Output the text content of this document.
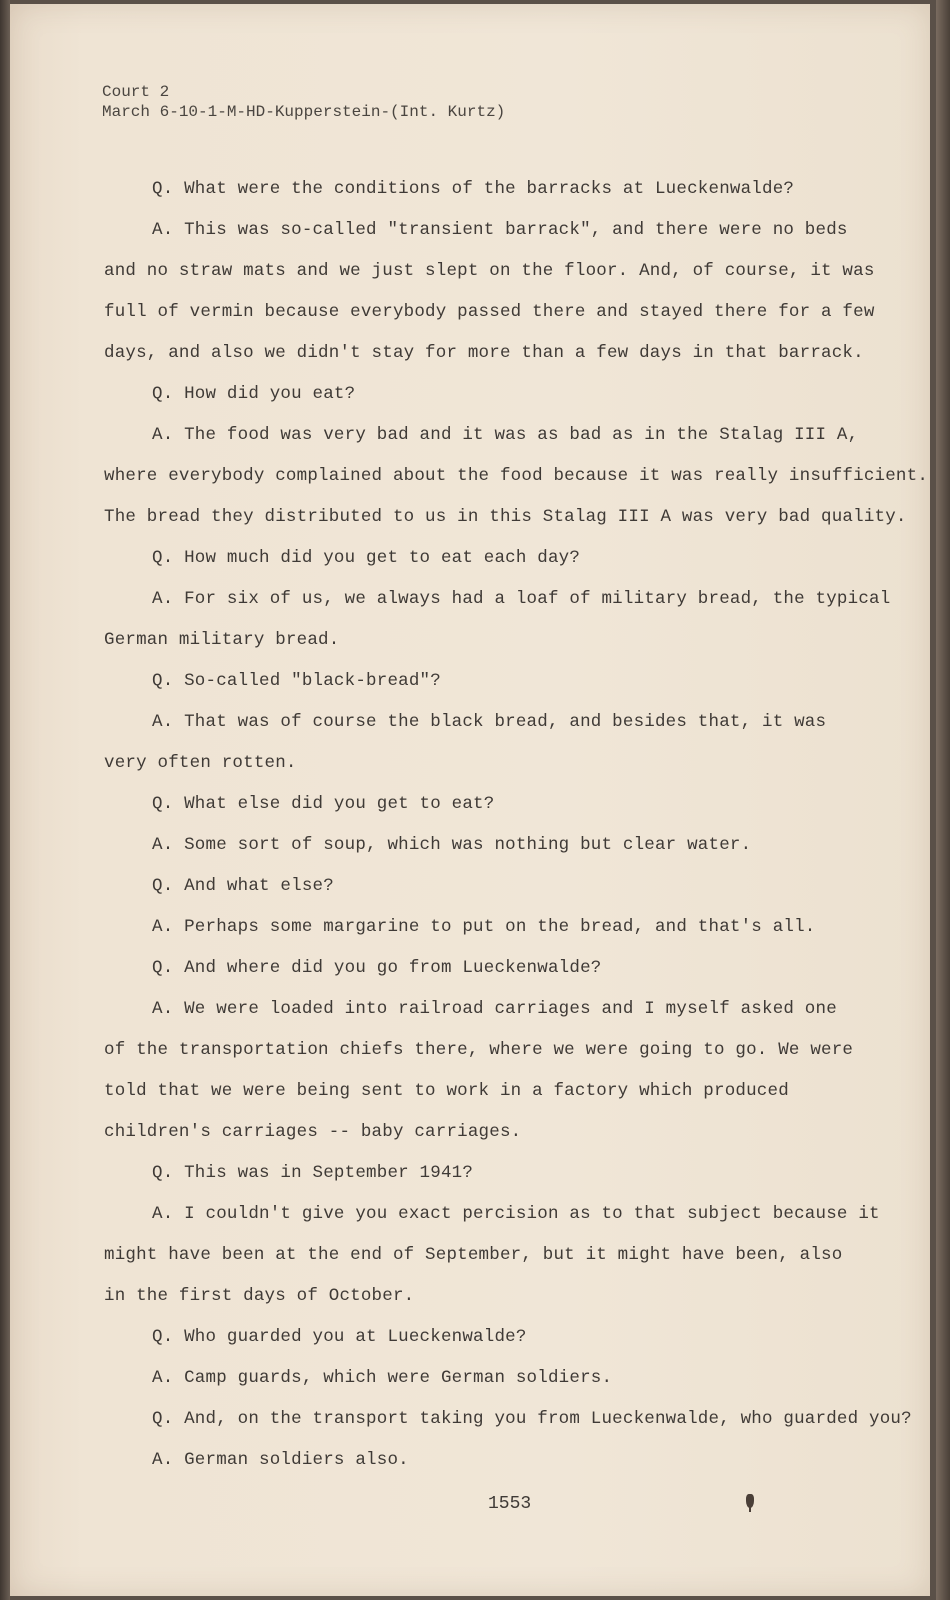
Court 2
March 6-10-1-M-HD-Kupperstein-(Int. Kurtz)
Q. What were the conditions of the barracks at Lueckenwalde?
A. This was so-called "transient barrack", and there were no beds
and no straw mats and we just slept on the floor. And, of course, it was
full of vermin because everybody passed there and stayed there for a few
days, and also we didn't stay for more than a few days in that barrack.
Q. How did you eat?
A. The food was very bad and it was as bad as in the Stalag III A,
where everybody complained about the food because it was really insufficient.
The bread they distributed to us in this Stalag III A was very bad quality.
Q. How much did you get to eat each day?
A. For six of us, we always had a loaf of military bread, the typical
German military bread.
Q. So-called "black-bread"?
A. That was of course the black bread, and besides that, it was
very often rotten.
Q. What else did you get to eat?
A. Some sort of soup, which was nothing but clear water.
Q. And what else?
A. Perhaps some margarine to put on the bread, and that's all.
Q. And where did you go from Lueckenwalde?
A. We were loaded into railroad carriages and I myself asked one
of the transportation chiefs there, where we were going to go. We were
told that we were being sent to work in a factory which produced
children's carriages -- baby carriages.
Q. This was in September 1941?
A. I couldn't give you exact percision as to that subject because it
might have been at the end of September, but it might have been, also
in the first days of October.
Q. Who guarded you at Lueckenwalde?
A. Camp guards, which were German soldiers.
Q. And, on the transport taking you from Lueckenwalde, who guarded you?
A. German soldiers also.
1553
